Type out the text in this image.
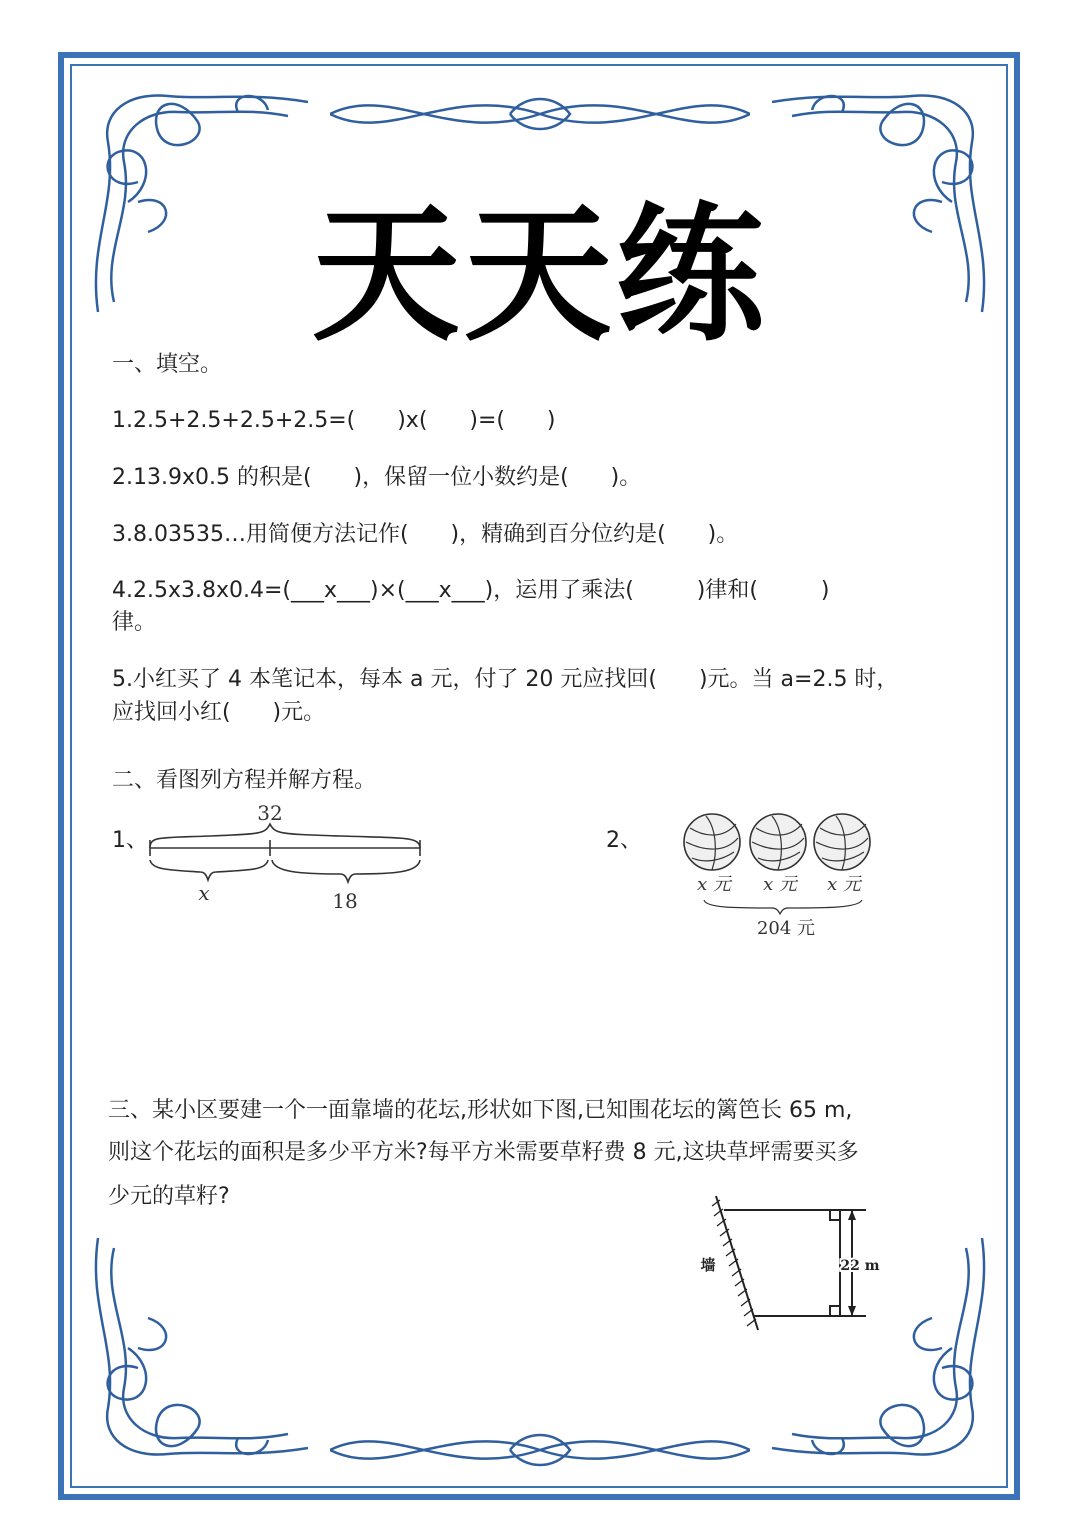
天天练
一、填空。
1.2.5+2.5+2.5+2.5=(      )x(      )=(      )
2.13.9x0.5 的积是(      )，保留一位小数约是(      )。
3.8.03535…用简便方法记作(      )，精确到百分位约是(      )。
4.2.5x3.8x0.4=(___x___)×(___x___)，运用了乘法(         )律和(         )
律。
5.小红买了 4 本笔记本，每本 a 元，付了 20 元应找回(      )元。当 a=2.5 时，
应找回小红(      )元。
二、看图列方程并解方程。
1、
32
x	18
2、
x 元 x 元 x 元
204 元
三、某小区要建一个一面靠墙的花坛,形状如下图,已知围花坛的篱笆长 65 m,
则这个花坛的面积是多少平方米?每平方米需要草籽费 8 元,这块草坪需要买多
少元的草籽?
墙	22 m
